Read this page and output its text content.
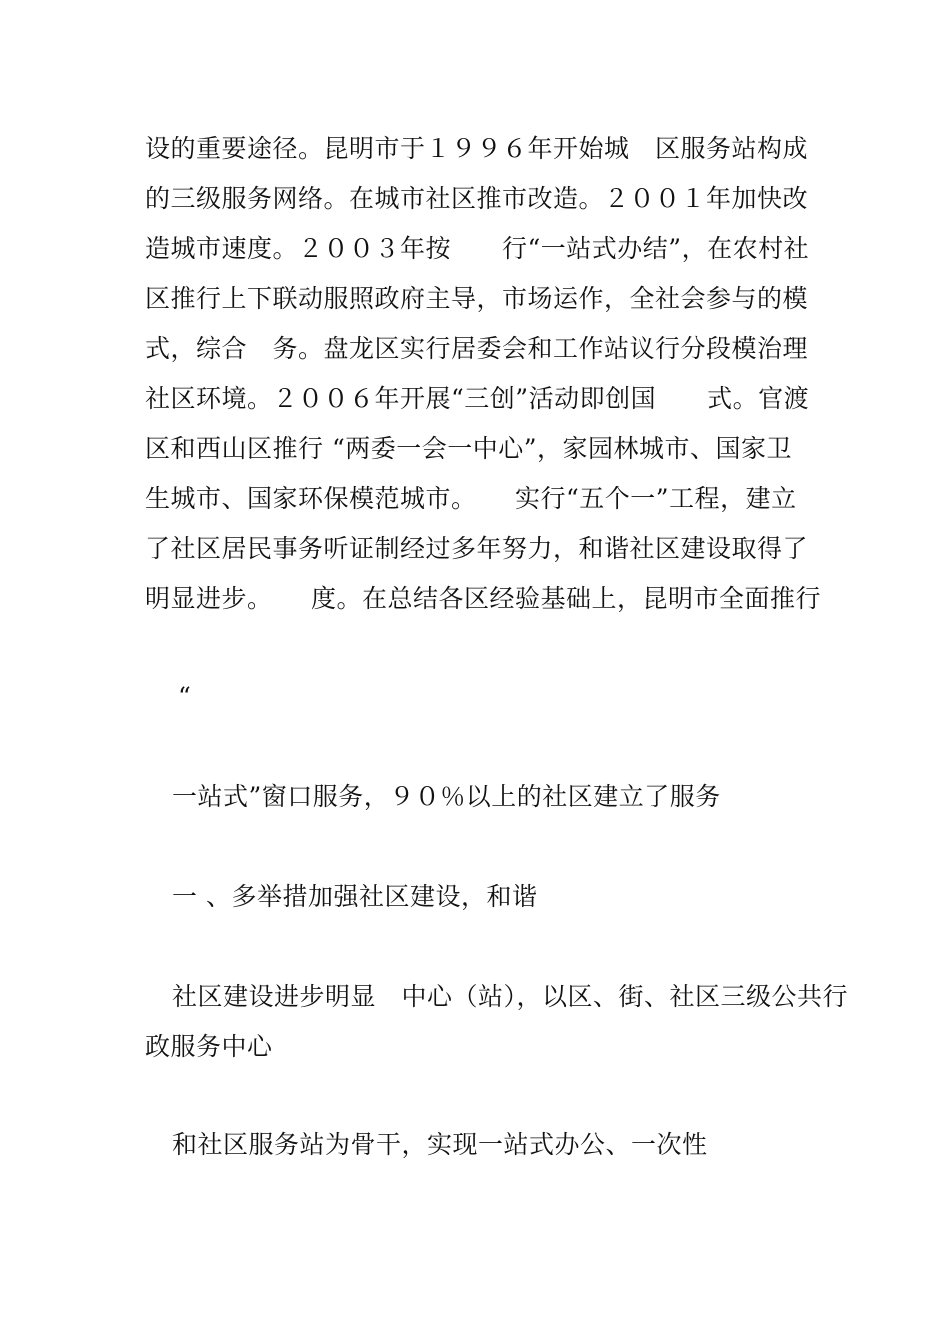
设的重要途径。昆明市于１９９６年开始城　区服务站构成

的三级服务网络。在城市社区推市改造。２００１年加快改

造城市速度。２００３年按　　行“一站式办结”，在农村社

区推行上下联动服照政府主导，市场运作，全社会参与的模

式，综合　务。盘龙区实行居委会和工作站议行分段模治理

社区环境。２００６年开展“三创”活动即创国　　式。官渡

区和西山区推行 “两委一会一中心”，家园林城市、国家卫

生城市、国家环保模范城市。　　实行“五个一”工程，建立

了社区居民事务听证制经过多年努力，和谐社区建设取得了

明显进步。　　度。在总结各区经验基础上，昆明市全面推行

“

一站式”窗口服务，９０％以上的社区建立了服务

一 、多举措加强社区建设，和谐

社区建设进步明显　中心（站），以区、街、社区三级公共行

政服务中心

和社区服务站为骨干，实现一站式办公、一次性
